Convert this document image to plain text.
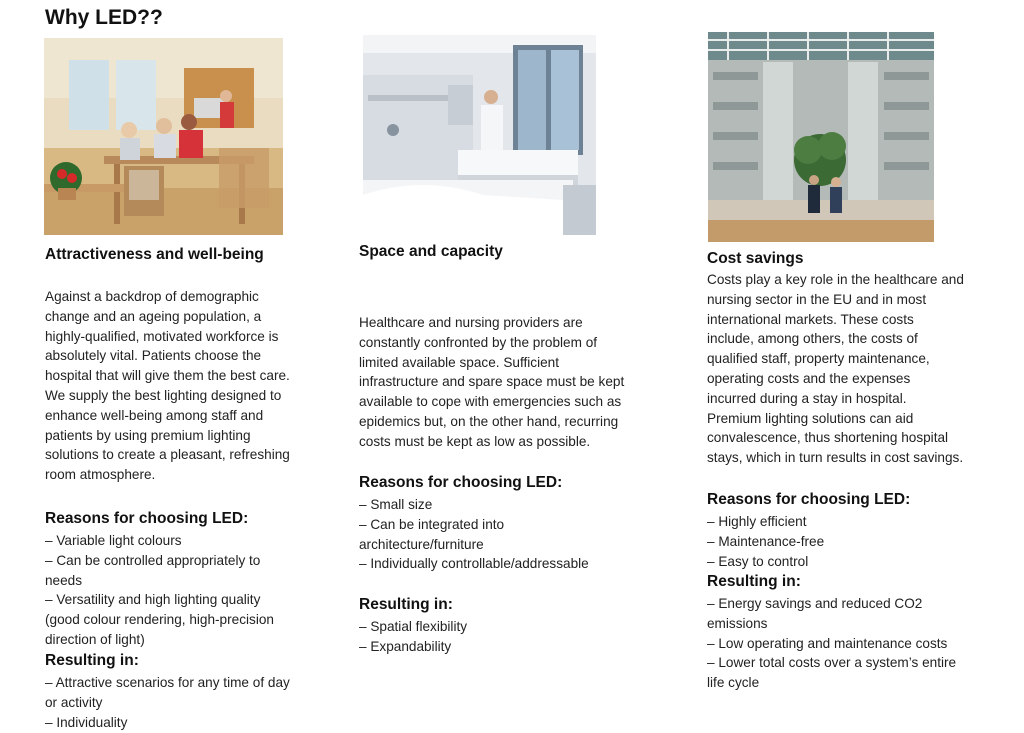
Why LED??
Attractiveness and well-being
Against a backdrop of demographic
change and an ageing population, a
highly-qualified, motivated workforce is
absolutely vital. Patients choose the
hospital that will give them the best care.
We supply the best lighting designed to
enhance well-being among staff and
patients by using premium lighting
solutions to create a pleasant, refreshing
room atmosphere.
Reasons for choosing LED:
– Variable light colours
– Can be controlled appropriately to
needs
– Versatility and high lighting quality
(good colour rendering, high-precision
direction of light)
Resulting in:
– Attractive scenarios for any time of day
or activity
– Individuality
Space and capacity
Healthcare and nursing providers are
constantly confronted by the problem of
limited available space. Sufficient
infrastructure and spare space must be kept
available to cope with emergencies such as
epidemics but, on the other hand, recurring
costs must be kept as low as possible.
Reasons for choosing LED:
– Small size
– Can be integrated into
architecture/furniture
– Individually controllable/addressable
Resulting in:
– Spatial flexibility
– Expandability
Cost savings
Costs play a key role in the healthcare and
nursing sector in the EU and in most
international markets. These costs
include, among others, the costs of
qualified staff, property maintenance,
operating costs and the expenses
incurred during a stay in hospital.
Premium lighting solutions can aid
convalescence, thus shortening hospital
stays, which in turn results in cost savings.
Reasons for choosing LED:
– Highly efficient
– Maintenance-free
– Easy to control
Resulting in:
– Energy savings and reduced CO2
emissions
– Low operating and maintenance costs
– Lower total costs over a system’s entire
life cycle
